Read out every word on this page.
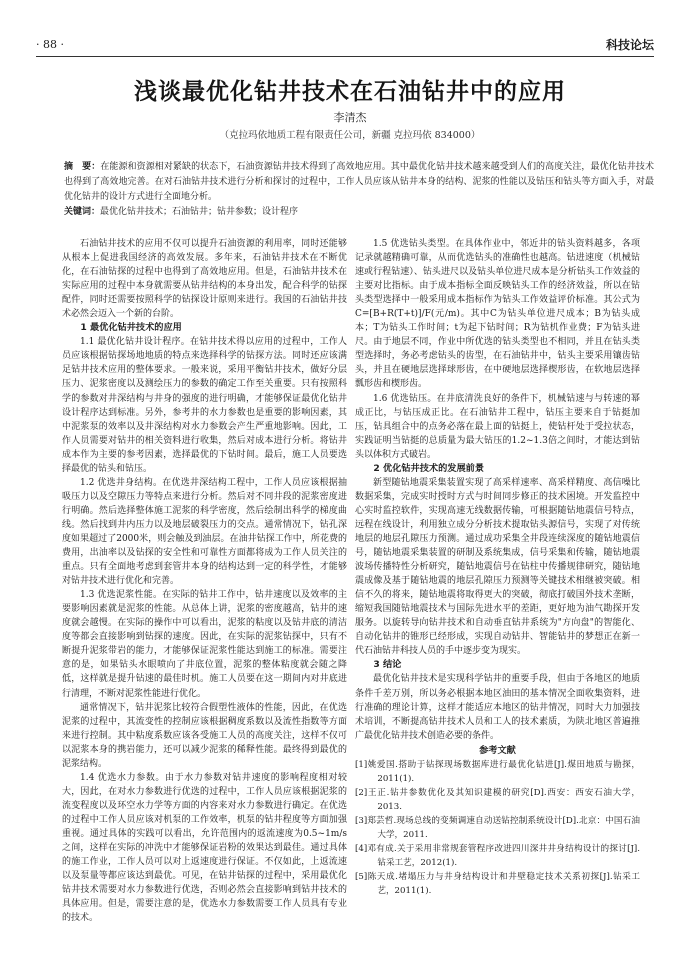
· 88 ·	科技论坛
浅谈最优化钻井技术在石油钻井中的应用
李清杰
（克拉玛依地质工程有限责任公司，新疆 克拉玛依 834000）

摘　要：在能源和资源相对紧缺的状态下，石油资源钻井技术得到了高效地应用。其中最优化钻井技术越来越受到人们的高度关注，最优化钻井技术也得到了高效地完善。在对石油钻井技术进行分析和探讨的过程中，工作人员应该从钻井本身的结构、泥浆的性能以及钻压和钻头等方面入手，对最优化钻井的设计方式进行全面地分析。

关键词：最优化钻井技术；石油钻井；钻井参数；设计程序

石油钻井技术的应用不仅可以提升石油资源的利用率，同时还能够从根本上促进我国经济的高效发展。多年来，石油钻井技术在不断优化，在石油钻探的过程中也得到了高效地应用。但是，石油钻井技术在实际应用的过程中本身就需要从钻井结构的本身出发，配合科学的钻探配件，同时还需要按照科学的钻探设计原则来进行。我国的石油钻井技术必然会迈入一个新的台阶。

1 最优化钻井技术的应用

1.1 最优化钻井设计程序。在钻井技术得以应用的过程中，工作人员应该根据钻探场地地质的特点来选择科学的钻探方法。同时还应该满足钻井技术应用的整体要求。一般来说，采用平衡钻井技术，做好分层压力、泥浆密度以及测绘压力的参数的确定工作至关重要。只有按照科学的参数对井深结构与井身的强度的进行明确，才能够保证最优化钻井设计程序达到标准。另外，参考井的水力参数也是重要的影响因素，其中泥浆泵的效率以及井深结构对水力参数会产生严重地影响。因此，工作人员需要对钻井的相关资料进行收集，然后对成本进行分析。将钻井成本作为主要的参考因素，选择最优的下钻时间。最后，施工人员要选择最优的钻头和钻压。

1.2 优选井身结构。在优选井深结构工程中，工作人员应该根据抽吸压力以及空隙压力等特点来进行分析。然后对不同井段的泥浆密度进行明确。然后选择整体施工泥浆的科学密度，然后绘制出科学的梯度曲线。然后找到井内压力以及地层破裂压力的交点。通常情况下，钻孔深度如果超过了2000米，则会触及到油层。在油井钻探工作中，所花费的费用，出油率以及钻探的安全性和可靠性方面都将成为工作人员关注的重点。只有全面地考虑到套管井本身的结构达到一定的科学性，才能够对钻井技术进行优化和完善。

1.3 优选泥浆性能。在实际的钻井工作中，钻井速度以及效率的主要影响因素就是泥浆的性能。从总体上讲，泥浆的密度越高，钻井的速度就会越慢。在实际的操作中可以看出，泥浆的粘度以及钻井底的清洁度等都会直接影响到钻探的速度。因此，在实际的泥浆钻探中，只有不断提升泥浆带岩的能力，才能够保证泥浆性能达到施工的标准。需要注意的是，如果钻头水眼喷向了井底位置，泥浆的整体粘度就会随之降低，这样就是提升钻速的最佳时机。施工人员要在这一期间内对井底进行清理，不断对泥浆性能进行优化。

通常情况下，钻井泥浆比较符合假塑性液体的性能，因此，在优选泥浆的过程中，其流变性的控制应该根据稠度系数以及流性指数等方面来进行控制。其中粘度系数应该各受施工人员的高度关注，这样不仅可以泥浆本身的携岩能力，还可以减少泥浆的稀释性能。最终得到最优的泥浆结构。

1.4 优选水力参数。由于水力参数对钻井速度的影响程度相对较大，因此，在对水力参数进行优选的过程中，工作人员应该根据泥浆的流变程度以及环空水力学等方面的内容来对水力参数进行确定。在优选的过程中工作人员应该对机泵的工作效率，机泵的钻井程度等方面加强重视。通过具体的实践可以看出，允许范围内的返流速度为0.5~1m/s之间，这样在实际的冲洗中才能够保证岩粉的效果达到最佳。通过具体的施工作业，工作人员可以对上返速度进行保证。不仅如此，上返流速以及泵量等都应该达到最优。可见，在钻井钻探的过程中，采用最优化钻井技术需要对水力参数进行优选，否则必然会直接影响到钻井技术的具体应用。但是，需要注意的是，优选水力参数需要工作人员具有专业的技术。

1.5 优选钻头类型。在具体作业中，邻近井的钻头资料越多，各项记录就越精确可靠，从而优选钻头的准确性也越高。钻进速度（机械钻速或行程钻速）、钻头进尺以及钻头单位进尺成本是分析钻头工作效益的主要对比指标。由于成本指标全面反映钻头工作的经济效益，所以在钻头类型选择中一般采用成本指标作为钻头工作效益评价标准。其公式为C=[B+R(T+t)]/F(元/m)。其中C为钻头单位进尺成本；B为钻头成本；T为钻头工作时间；t为起下钻时间；R为钻机作业费；F为钻头进尺。由于地层不同，作业中所优选的钻头类型也不相同，并且在钻头类型选择时，务必考虑钻头的齿型，在石油钻井中，钻头主要采用镶齿钻头，并且在硬地层选择球形齿，在中硬地层选择楔形齿，在软地层选择瓢形齿和楔形齿。

1.6 优选钻压。在井底清洗良好的条件下，机械钻速与与转速的幂成正比，与钻压成正比。在石油钻井工程中，钻压主要来自于钻挺加压，钻具组合中的点务必落在最上面的钻挺上，使钻杆处于受拉状态，实践证明当钻挺的总质量为最大钻压的1.2~1.3倍之间时，才能达到钻头以体积方式破岩。

2 优化钻井技术的发展前景

新型随钻地震采集装置实现了高采样速率、高采样精度、高信噪比数据采集，完成实时授时方式与时间同步修正的技术困境。开发监控中心实时监控软件，实现高速无线数据传输，可根据随钻地震信号特点，远程在线设计，利用独立成分分析技术提取钻头源信号，实现了对传统地层的地层孔隙压力预测。通过成功采集全井段连续深度的随钻地震信号，随钻地震采集装置的研制及系统集成，信号采集和传输，随钻地震波场传播特性分析研究，随钻地震信号在钻柱中传播规律研究，随钻地震成像及基于随钻地震的地层孔隙压力预测等关键技术相继被突破。相信不久的将来，随钻地震将取得更大的突破，彻底打破国外技术垄断，缩短我国随钻地震技术与国际先进水平的差距，更好地为油气勘探开发服务。以旋转导向钻井技术和自动垂直钻井系统为"方向盘"的智能化、自动化钻井的锥形已经形成，实现自动钻井、智能钻井的梦想正在新一代石油钻井科技人员的手中逐步变为现实。

3 结论

最优化钻井技术是实现科学钻井的重要手段，但由于各地区的地质条件千差万别，所以务必根据本地区油田的基本情况全面收集资料，进行准确的理论计算，这样才能适应本地区的钻井情况，同时大力加强技术培训，不断提高钻井技术人员和工人的技术素质，为陕北地区普遍推广最优化钻井技术创造必要的条件。

参考文献
[1]姚爱国.搭助于钻探现场数据库进行最优化钻进[J].煤田地质与勘探，2011(1).
[2]王正.钻井参数优化及其知识建模的研究[D].西安：西安石油大学，2013.
[3]郑芸哲.现场总线的变频调速自动送钻控制系统设计[D].北京：中国石油大学，2011.
[4]邓有成.关于采用非常规套管程序改进四川深井井身结构设计的探讨[J].钻采工艺，2012(1).
[5]陈天成.堵塌压力与井身结构设计和井壁稳定技术关系初探[J].钻采工艺，2011(1).
